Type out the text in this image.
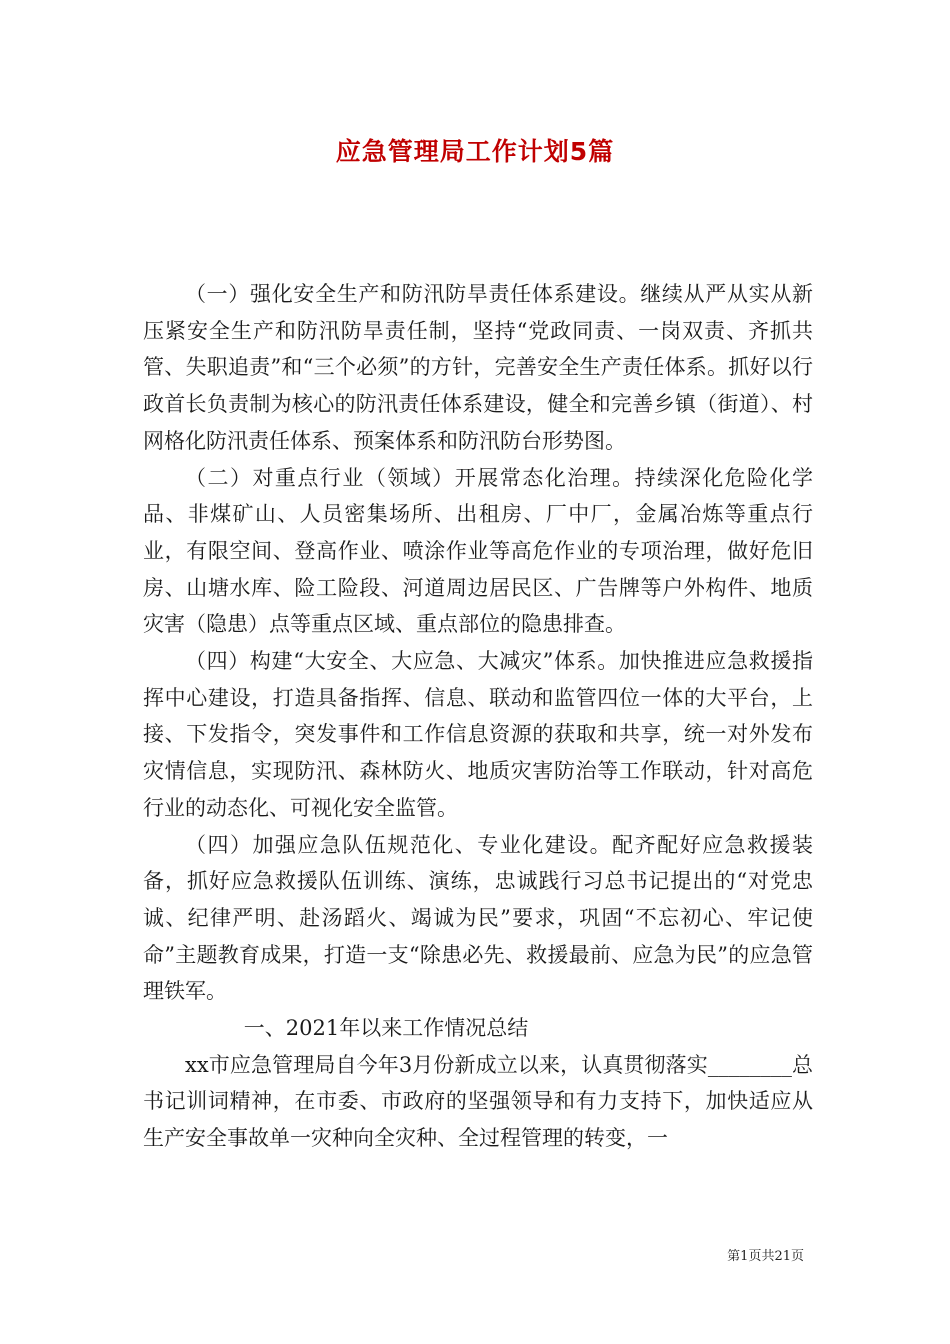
应急管理局工作计划5篇

（一）强化安全生产和防汛防旱责任体系建设。继续从严从实从新压紧安全生产和防汛防旱责任制，坚持“党政同责、一岗双责、齐抓共管、失职追责”和“三个必须”的方针，完善安全生产责任体系。抓好以行政首长负责制为核心的防汛责任体系建设，健全和完善乡镇（街道）、村网格化防汛责任体系、预案体系和防汛防台形势图。

（二）对重点行业（领域）开展常态化治理。持续深化危险化学品、非煤矿山、人员密集场所、出租房、厂中厂，金属冶炼等重点行业，有限空间、登高作业、喷涂作业等高危作业的专项治理，做好危旧房、山塘水库、险工险段、河道周边居民区、广告牌等户外构件、地质灾害（隐患）点等重点区域、重点部位的隐患排查。

（四）构建“大安全、大应急、大减灾”体系。加快推进应急救援指挥中心建设，打造具备指挥、信息、联动和监管四位一体的大平台，上接、下发指令，突发事件和工作信息资源的获取和共享，统一对外发布灾情信息，实现防汛、森林防火、地质灾害防治等工作联动，针对高危行业的动态化、可视化安全监管。

（四）加强应急队伍规范化、专业化建设。配齐配好应急救援装备，抓好应急救援队伍训练、演练，忠诚践行习总书记提出的“对党忠诚、纪律严明、赴汤蹈火、竭诚为民”要求，巩固“不忘初心、牢记使命”主题教育成果，打造一支“除患必先、救援最前、应急为民”的应急管理铁军。

一、2021年以来工作情况总结

xx市应急管理局自今年3月份新成立以来，认真贯彻落实________总书记训词精神，在市委、市政府的坚强领导和有力支持下，加快适应从生产安全事故单一灾种向全灾种、全过程管理的转变，一

第1页共21页
